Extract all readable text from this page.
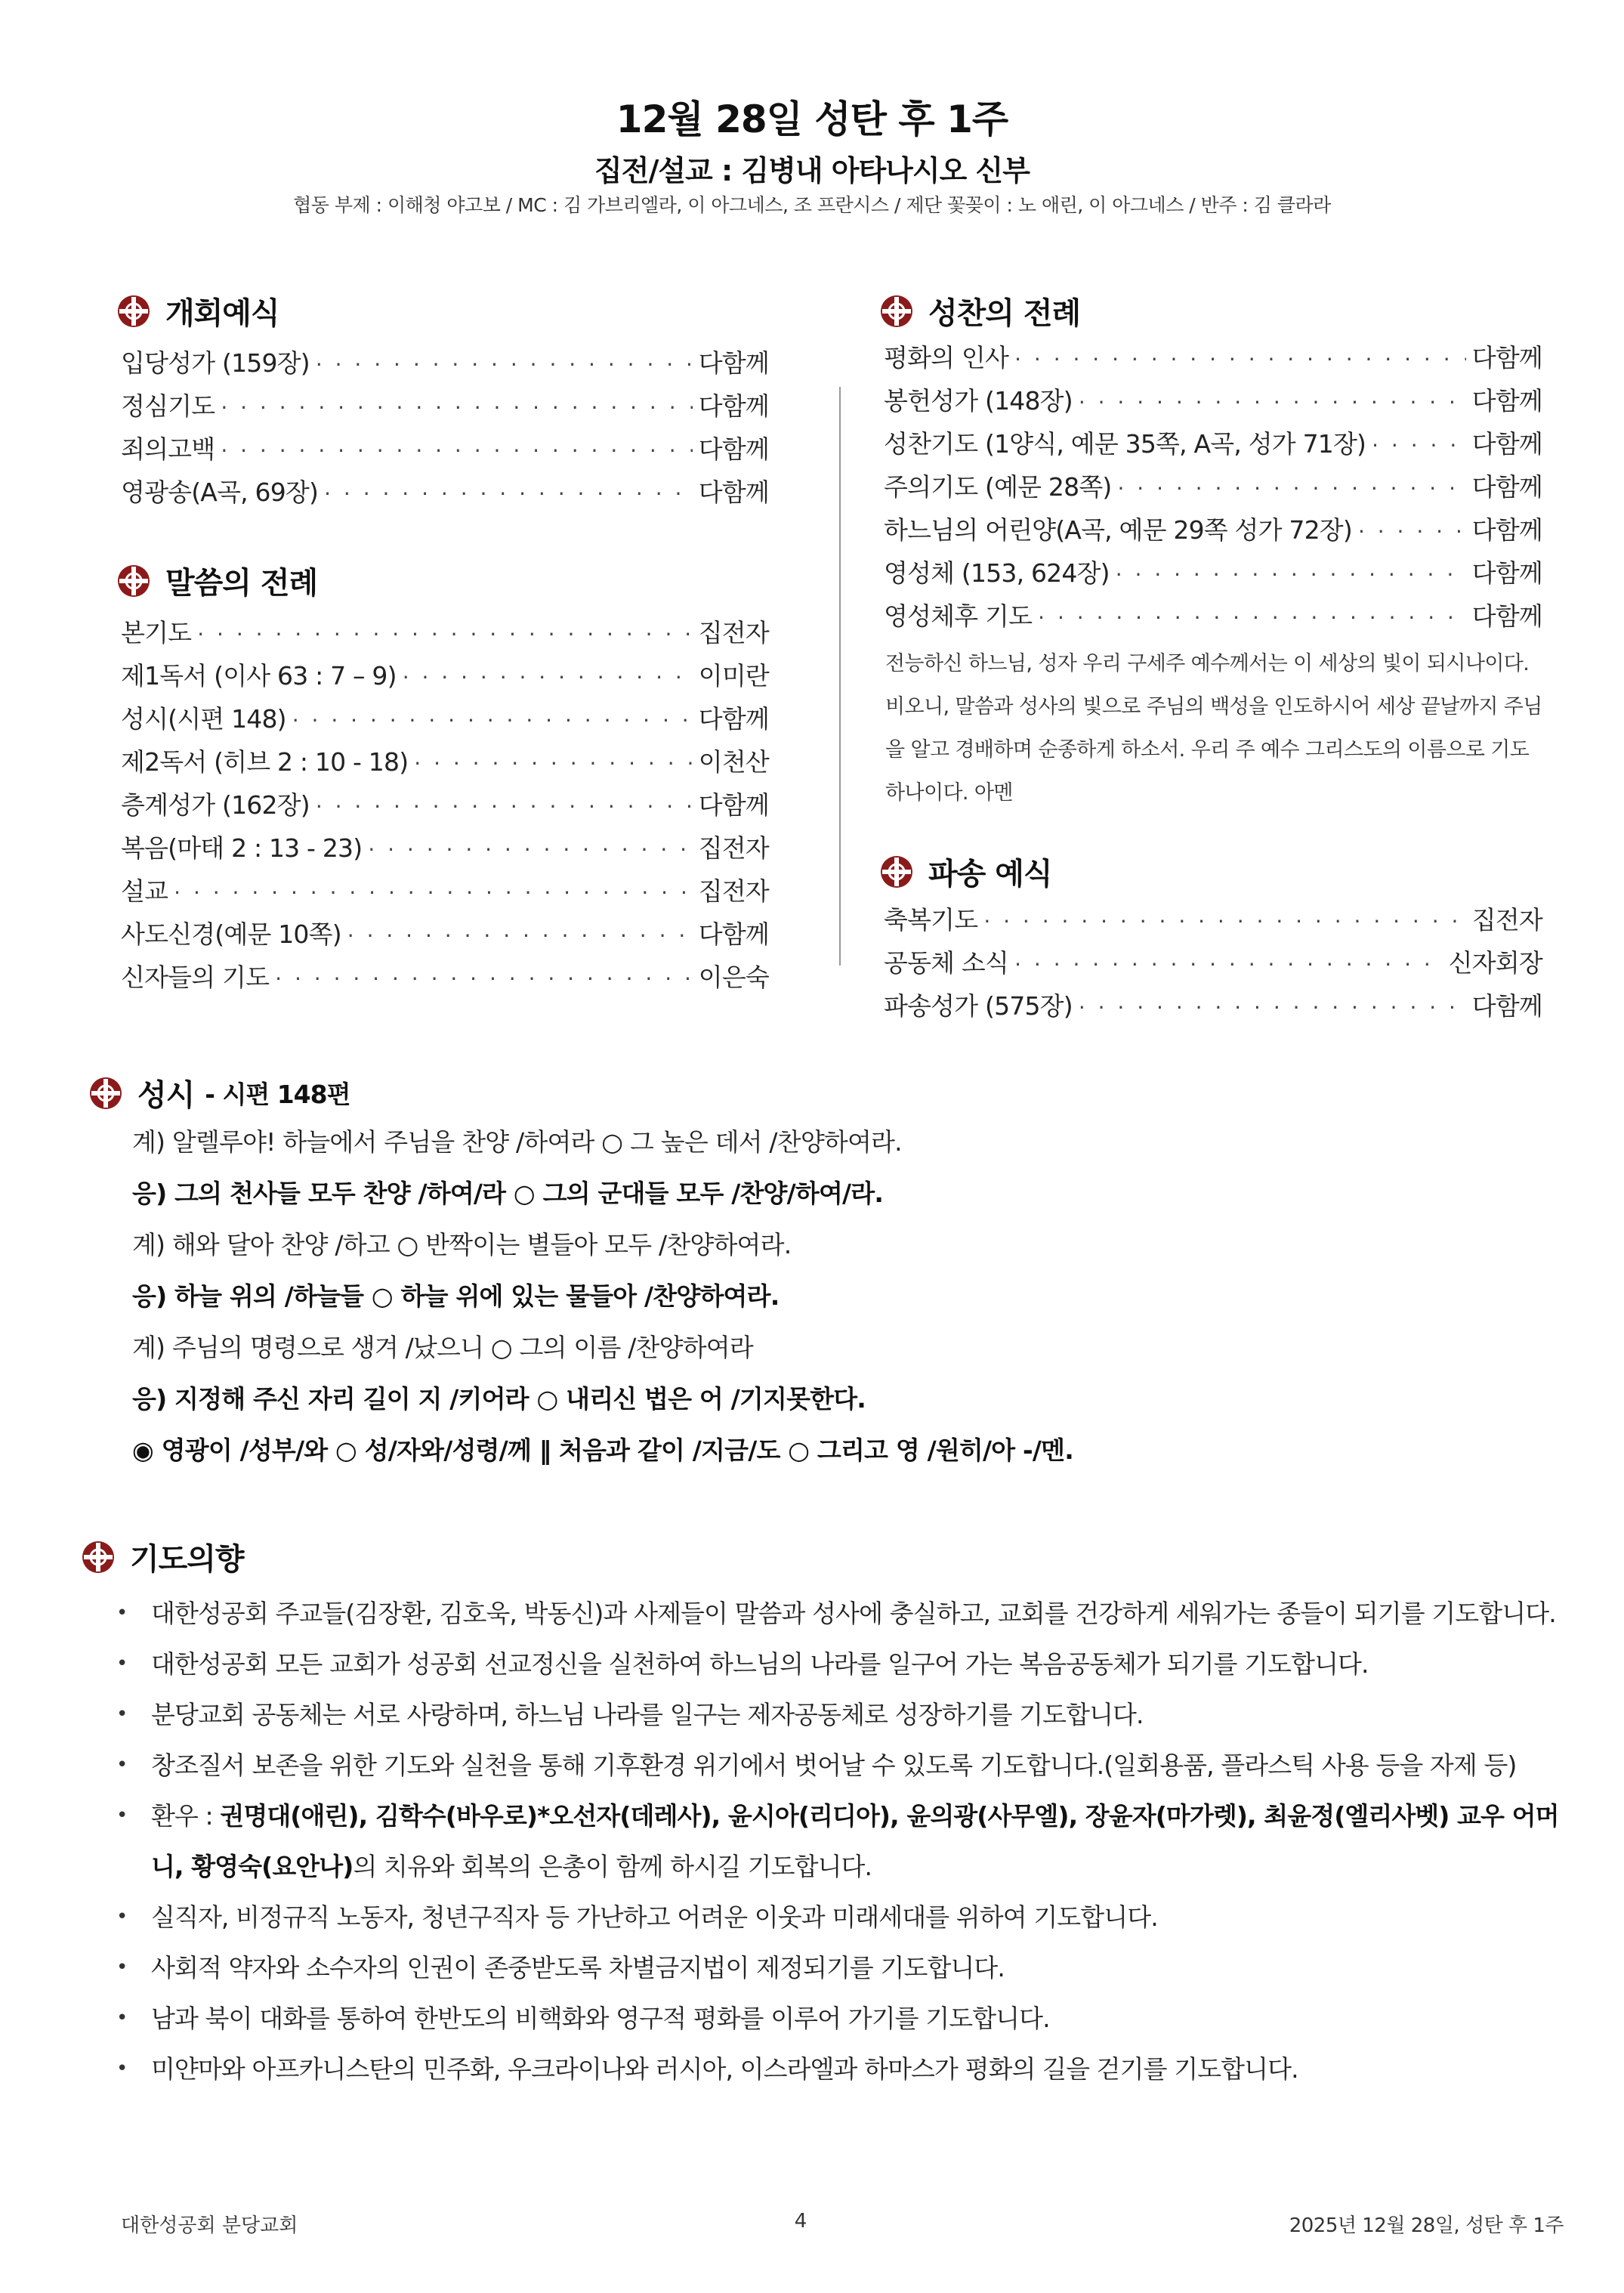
12월 28일 성탄 후 1주
집전/설교 : 김병내 아타나시오 신부
협동 부제 : 이해청 야고보 / MC : 김 가브리엘라, 이 아그네스, 조 프란시스 / 제단 꽃꽂이 : 노 애린, 이 아그네스 / 반주 : 김 클라라
개회예식
입당성가 (159장) · · ·	다함께
정심기도 · · ·	다함께
죄의고백 · · ·	다함께
영광송(A곡, 69장) · · ·	다함께
말씀의 전례
본기도 · · ·	집전자
제1독서 (이사 63 : 7 – 9) · · ·	이미란
성시(시편 148) · · ·	다함께
제2독서 (히브 2 : 10 - 18) · · ·	이천산
층계성가 (162장) · · ·	다함께
복음(마태 2 : 13 - 23) · · ·	집전자
설교 · · ·	집전자
사도신경(예문 10쪽) · · ·	다함께
신자들의 기도 · · ·	이은숙
성찬의 전례
평화의 인사 · · ·	다함께
봉헌성가 (148장) · · ·	다함께
성찬기도 (1양식, 예문 35쪽, A곡, 성가 71장) · · ·	다함께
주의기도 (예문 28쪽) · · ·	다함께
하느님의 어린양(A곡, 예문 29쪽 성가 72장) · · ·	다함께
영성체 (153, 624장) · · ·	다함께
영성체후 기도 · · ·	다함께
전능하신 하느님, 성자 우리 구세주 예수께서는 이 세상의 빛이 되시나이다. 비오니, 말씀과 성사의 빛으로 주님의 백성을 인도하시어 세상 끝날까지 주님을 알고 경배하며 순종하게 하소서. 우리 주 예수 그리스도의 이름으로 기도하나이다. 아멘
파송 예식
축복기도 · · ·	집전자
공동체 소식 · · ·	신자회장
파송성가 (575장) · · ·	다함께
성시 - 시편 148편
계) 알렐루야! 하늘에서 주님을 찬양 /하여라 ○ 그 높은 데서 /찬양하여라.
응) 그의 천사들 모두 찬양 /하여/라 ○ 그의 군대들 모두 /찬양/하여/라.
계) 해와 달아 찬양 /하고 ○ 반짝이는 별들아 모두 /찬양하여라.
응) 하늘 위의 /하늘들 ○ 하늘 위에 있는 물들아 /찬양하여라.
계) 주님의 명령으로 생겨 /났으니 ○ 그의 이름 /찬양하여라
응) 지정해 주신 자리 길이 지 /키어라 ○ 내리신 법은 어 /기지못한다.
◉ 영광이 /성부/와 ○ 성/자와/성령/께 ‖ 처음과 같이 /지금/도 ○ 그리고 영 /원히/아 -/멘.
기도의향
• 대한성공회 주교들(김장환, 김호욱, 박동신)과 사제들이 말씀과 성사에 충실하고, 교회를 건강하게 세워가는 종들이 되기를 기도합니다.
• 대한성공회 모든 교회가 성공회 선교정신을 실천하여 하느님의 나라를 일구어 가는 복음공동체가 되기를 기도합니다.
• 분당교회 공동체는 서로 사랑하며, 하느님 나라를 일구는 제자공동체로 성장하기를 기도합니다.
• 창조질서 보존을 위한 기도와 실천을 통해 기후환경 위기에서 벗어날 수 있도록 기도합니다.(일회용품, 플라스틱 사용 등을 자제 등)
• 환우 : 권명대(애린), 김학수(바우로)*오선자(데레사), 윤시아(리디아), 윤의광(사무엘), 장윤자(마가렛), 최윤정(엘리사벳) 교우 어머니, 황영숙(요안나)의 치유와 회복의 은총이 함께 하시길 기도합니다.
• 실직자, 비정규직 노동자, 청년구직자 등 가난하고 어려운 이웃과 미래세대를 위하여 기도합니다.
• 사회적 약자와 소수자의 인권이 존중받도록 차별금지법이 제정되기를 기도합니다.
• 남과 북이 대화를 통하여 한반도의 비핵화와 영구적 평화를 이루어 가기를 기도합니다.
• 미얀마와 아프카니스탄의 민주화, 우크라이나와 러시아, 이스라엘과 하마스가 평화의 길을 걷기를 기도합니다.
대한성공회 분당교회	4	2025년 12월 28일, 성탄 후 1주
